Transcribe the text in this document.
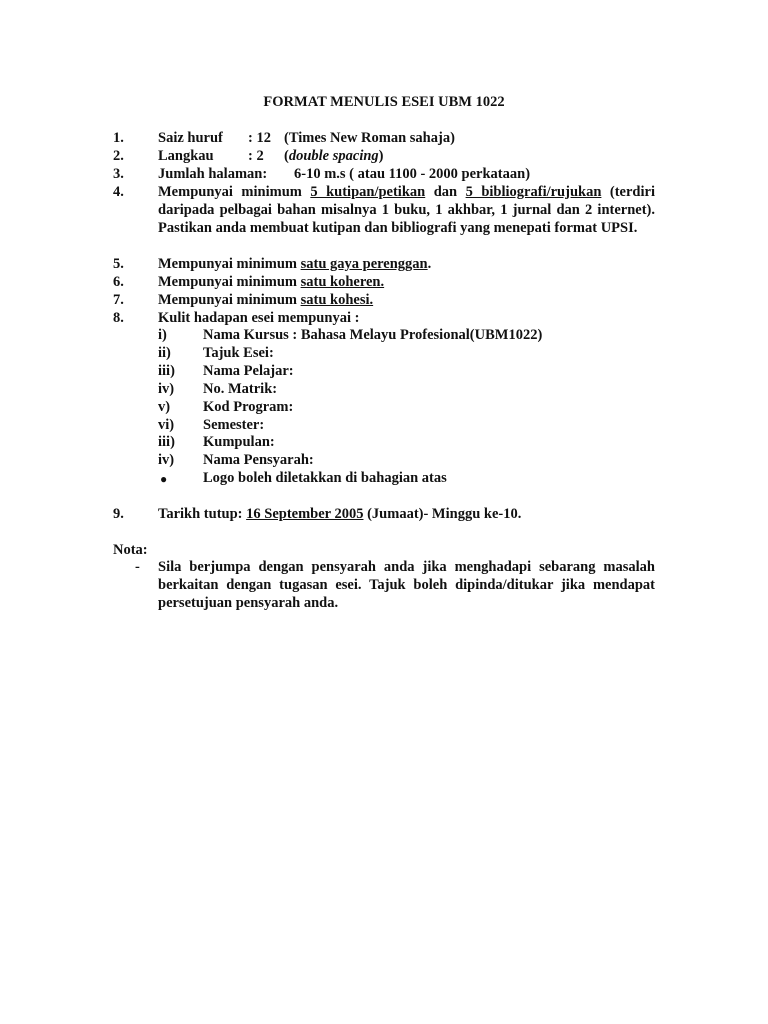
FORMAT MENULIS ESEI UBM 1022
1. Saiz huruf : 12 (Times New Roman sahaja)
2. Langkau : 2 (double spacing)
3. Jumlah halaman: 6-10 m.s ( atau 1100 - 2000 perkataan)
4. Mempunyai minimum 5 kutipan/petikan dan 5 bibliografi/rujukan (terdiri daripada pelbagai bahan misalnya 1 buku, 1 akhbar, 1 jurnal dan 2 internet). Pastikan anda membuat kutipan dan bibliografi yang menepati format UPSI.
5. Mempunyai minimum satu gaya perenggan.
6. Mempunyai minimum satu koheren.
7. Mempunyai minimum satu kohesi.
8. Kulit hadapan esei mempunyai :
i) Nama Kursus : Bahasa Melayu Profesional(UBM1022)
ii) Tajuk Esei:
iii) Nama Pelajar:
iv) No. Matrik:
v) Kod Program:
vi) Semester:
iii) Kumpulan:
iv) Nama Pensyarah:
● Logo boleh diletakkan di bahagian atas
9. Tarikh tutup: 16 September 2005 (Jumaat)- Minggu ke-10.
Nota:
- Sila berjumpa dengan pensyarah anda jika menghadapi sebarang masalah berkaitan dengan tugasan esei. Tajuk boleh dipinda/ditukar jika mendapat persetujuan pensyarah anda.
